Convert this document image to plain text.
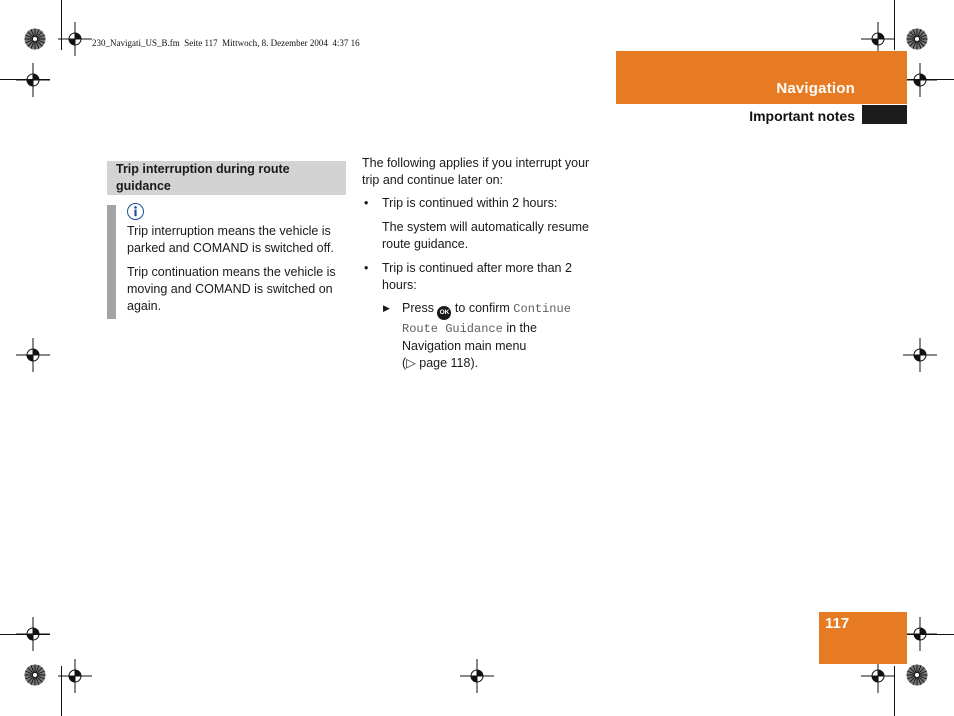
230_Navigati_US_B.fm  Seite 117  Mittwoch, 8. Dezember 2004  4:37 16
Navigation
Important notes
Trip interruption during route guidance
Trip interruption means the vehicle is parked and COMAND is switched off.
Trip continuation means the vehicle is moving and COMAND is switched on again.
The following applies if you interrupt your trip and continue later on:
• Trip is continued within 2 hours:
The system will automatically resume route guidance.
• Trip is continued after more than 2 hours:
▶ Press OK to confirm Continue
Route Guidance in the
Navigation main menu
(▷ page 118).
117
